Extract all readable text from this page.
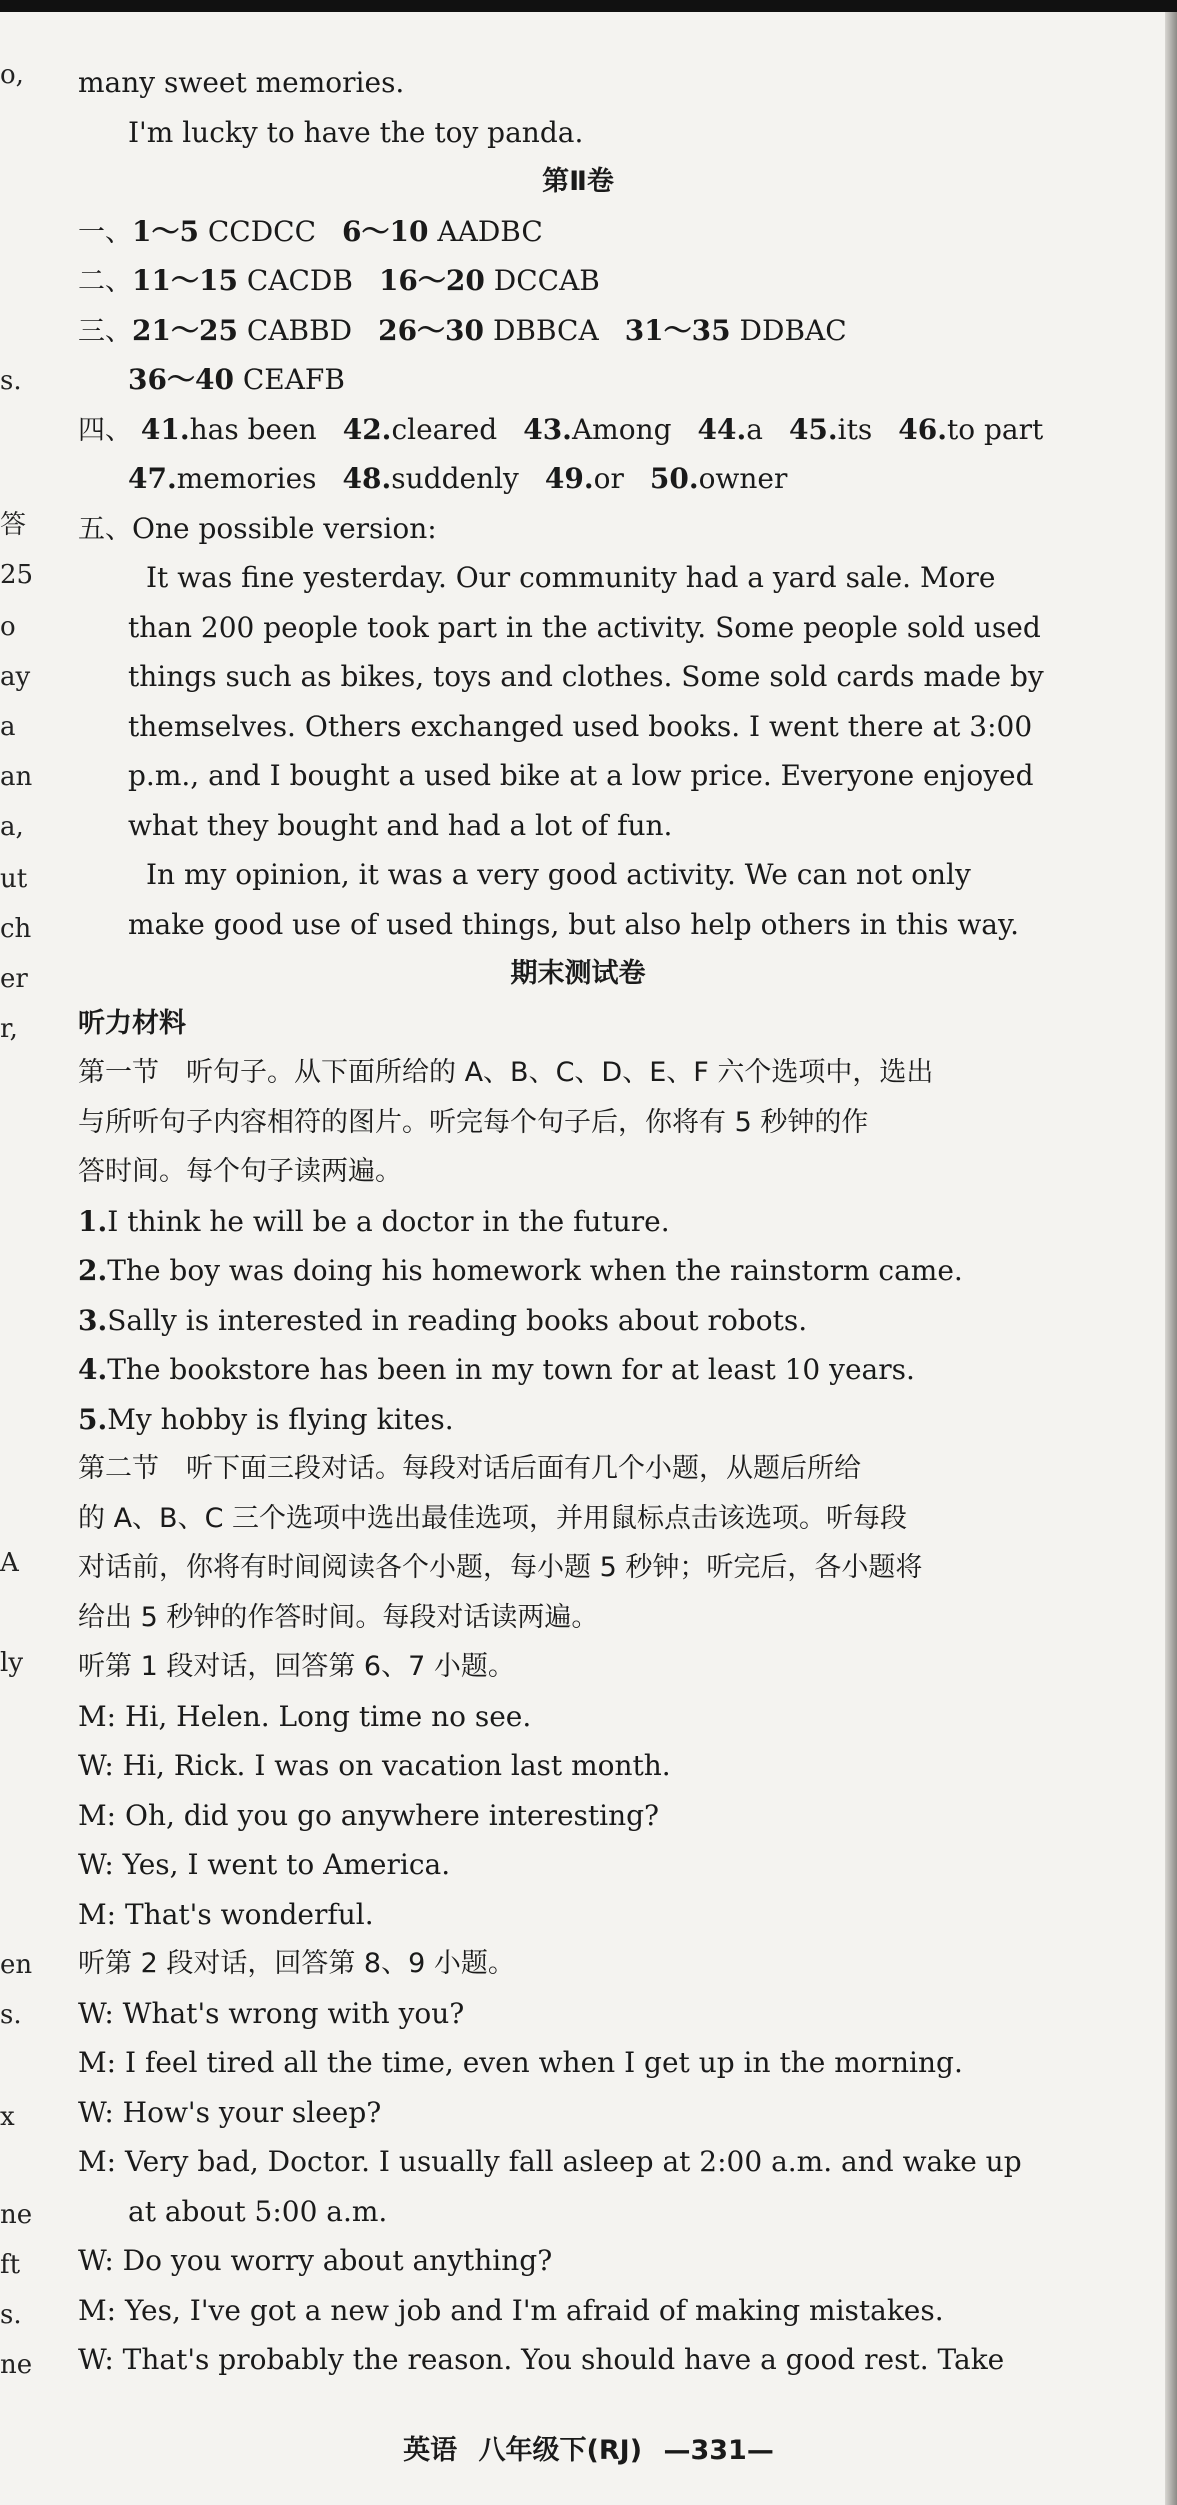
o,
s.
答
25
o
ay
a
an
a,
ut
ch
er
r,
A
ly
en
s.
x
ne
ft
s.
ne
many sweet memories.
I'm lucky to have the toy panda.
第Ⅱ卷
一、1～5 CCDCC 6～10 AADBC
二、11～15 CACDB 16～20 DCCAB
三、21～25 CABBD 26～30 DBBCA 31～35 DDBAC
36～40 CEAFB
四、 41.has been 42.cleared 43.Among 44.a 45.its 46.to part
47.memories 48.suddenly 49.or 50.owner
五、One possible version:
It was fine yesterday. Our community had a yard sale. More
than 200 people took part in the activity. Some people sold used
things such as bikes, toys and clothes. Some sold cards made by
themselves. Others exchanged used books. I went there at 3:00
p.m., and I bought a used bike at a low price. Everyone enjoyed
what they bought and had a lot of fun.
In my opinion, it was a very good activity. We can not only
make good use of used things, but also help others in this way.
期末测试卷
听力材料
第一节　听句子。从下面所给的 A、B、C、D、E、F 六个选项中，选出
与所听句子内容相符的图片。听完每个句子后，你将有 5 秒钟的作
答时间。每个句子读两遍。
1.I think he will be a doctor in the future.
2.The boy was doing his homework when the rainstorm came.
3.Sally is interested in reading books about robots.
4.The bookstore has been in my town for at least 10 years.
5.My hobby is flying kites.
第二节　听下面三段对话。每段对话后面有几个小题，从题后所给
的 A、B、C 三个选项中选出最佳选项，并用鼠标点击该选项。听每段
对话前，你将有时间阅读各个小题，每小题 5 秒钟；听完后，各小题将
给出 5 秒钟的作答时间。每段对话读两遍。
听第 1 段对话，回答第 6、7 小题。
M: Hi, Helen. Long time no see.
W: Hi, Rick. I was on vacation last month.
M: Oh, did you go anywhere interesting?
W: Yes, I went to America.
M: That's wonderful.
听第 2 段对话，回答第 8、9 小题。
W: What's wrong with you?
M: I feel tired all the time, even when I get up in the morning.
W: How's your sleep?
M: Very bad, Doctor. I usually fall asleep at 2:00 a.m. and wake up
at about 5:00 a.m.
W: Do you worry about anything?
M: Yes, I've got a new job and I'm afraid of making mistakes.
W: That's probably the reason. You should have a good rest. Take
英语 八年级下(RJ) —331—
